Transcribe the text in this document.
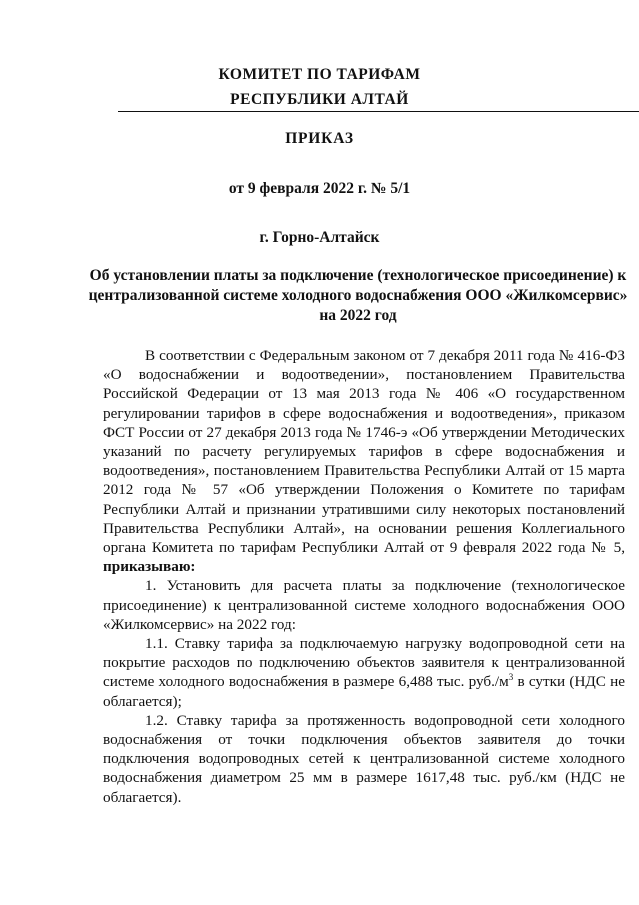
КОМИТЕТ ПО ТАРИФАМ
РЕСПУБЛИКИ АЛТАЙ
ПРИКАЗ
от 9 февраля 2022 г. № 5/1
г. Горно-Алтайск
Об установлении платы за подключение (технологическое присоединение) к централизованной системе холодного водоснабжения ООО «Жилкомсервис» на 2022 год

В соответствии с Федеральным законом от 7 декабря 2011 года № 416-ФЗ «О водоснабжении и водоотведении», постановлением Правительства Российской Федерации от 13 мая 2013 года № 406 «О государственном регулировании тарифов в сфере водоснабжения и водоотведения», приказом ФСТ России от 27 декабря 2013 года № 1746-э «Об утверждении Методических указаний по расчету регулируемых тарифов в сфере водоснабжения и водоотведения», постановлением Правительства Республики Алтай от 15 марта 2012 года № 57 «Об утверждении Положения о Комитете по тарифам Республики Алтай и признании утратившими силу некоторых постановлений Правительства Республики Алтай», на основании решения Коллегиального органа Комитета по тарифам Республики Алтай от 9 февраля 2022 года № 5, приказываю:

1. Установить для расчета платы за подключение (технологическое присоединение) к централизованной системе холодного водоснабжения ООО «Жилкомсервис» на 2022 год:

1.1. Ставку тарифа за подключаемую нагрузку водопроводной сети на покрытие расходов по подключению объектов заявителя к централизованной системе холодного водоснабжения в размере 6,488 тыс. $руб./м^3$ в сутки (НДС не облагается);

1.2. Ставку тарифа за протяженность водопроводной сети холодного водоснабжения от точки подключения объектов заявителя до точки подключения водопроводных сетей к централизованной системе холодного водоснабжения диаметром 25 мм в размере 1617,48 тыс. руб./км (НДС не облагается).
